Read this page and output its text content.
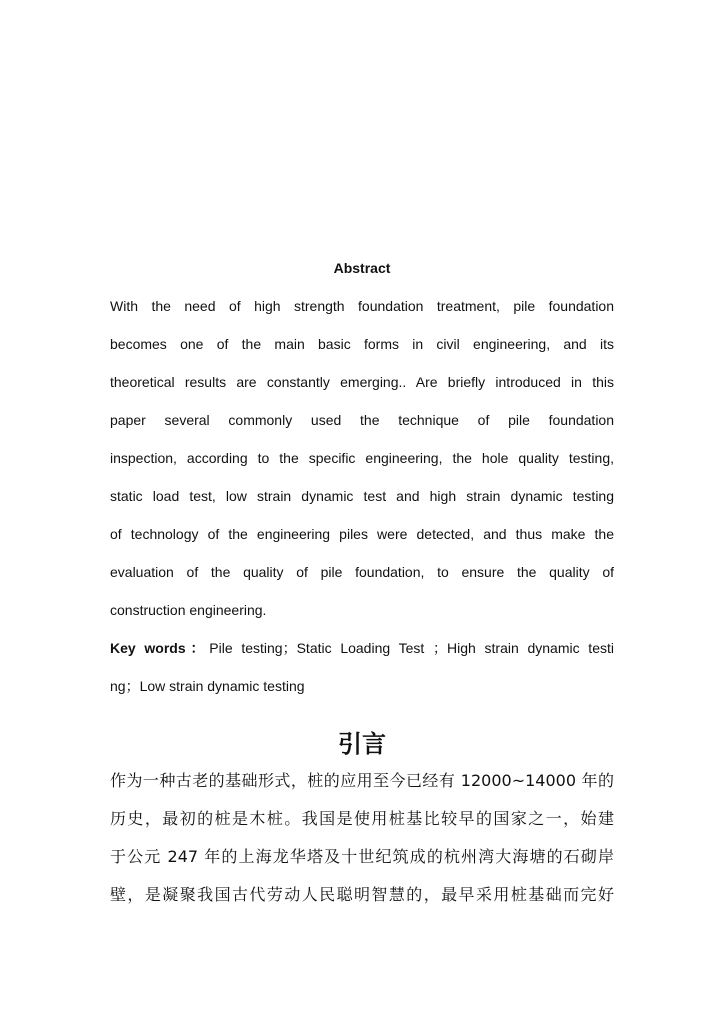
Abstract
With the need of high strength foundation treatment, pile foundation
becomes one of the main basic forms in civil engineering, and its
theoretical results are constantly emerging.. Are briefly introduced in this
paper several commonly used the technique of pile foundation
inspection, according to the specific engineering, the hole quality testing,
static load test, low strain dynamic test and high strain dynamic testing
of technology of the engineering piles were detected, and thus make the
evaluation of the quality of pile foundation, to ensure the quality of
construction engineering.
Key words：Pile testing；Static Loading Test ；High strain dynamic testi
ng；Low strain dynamic testing
引言
作为一种古老的基础形式，桩的应用至今已经有 12000~14000 年的
历史，最初的桩是木桩。我国是使用桩基比较早的国家之一，始建
于公元 247 年的上海龙华塔及十世纪筑成的杭州湾大海塘的石砌岸
壁，是凝聚我国古代劳动人民聪明智慧的，最早采用桩基础而完好
